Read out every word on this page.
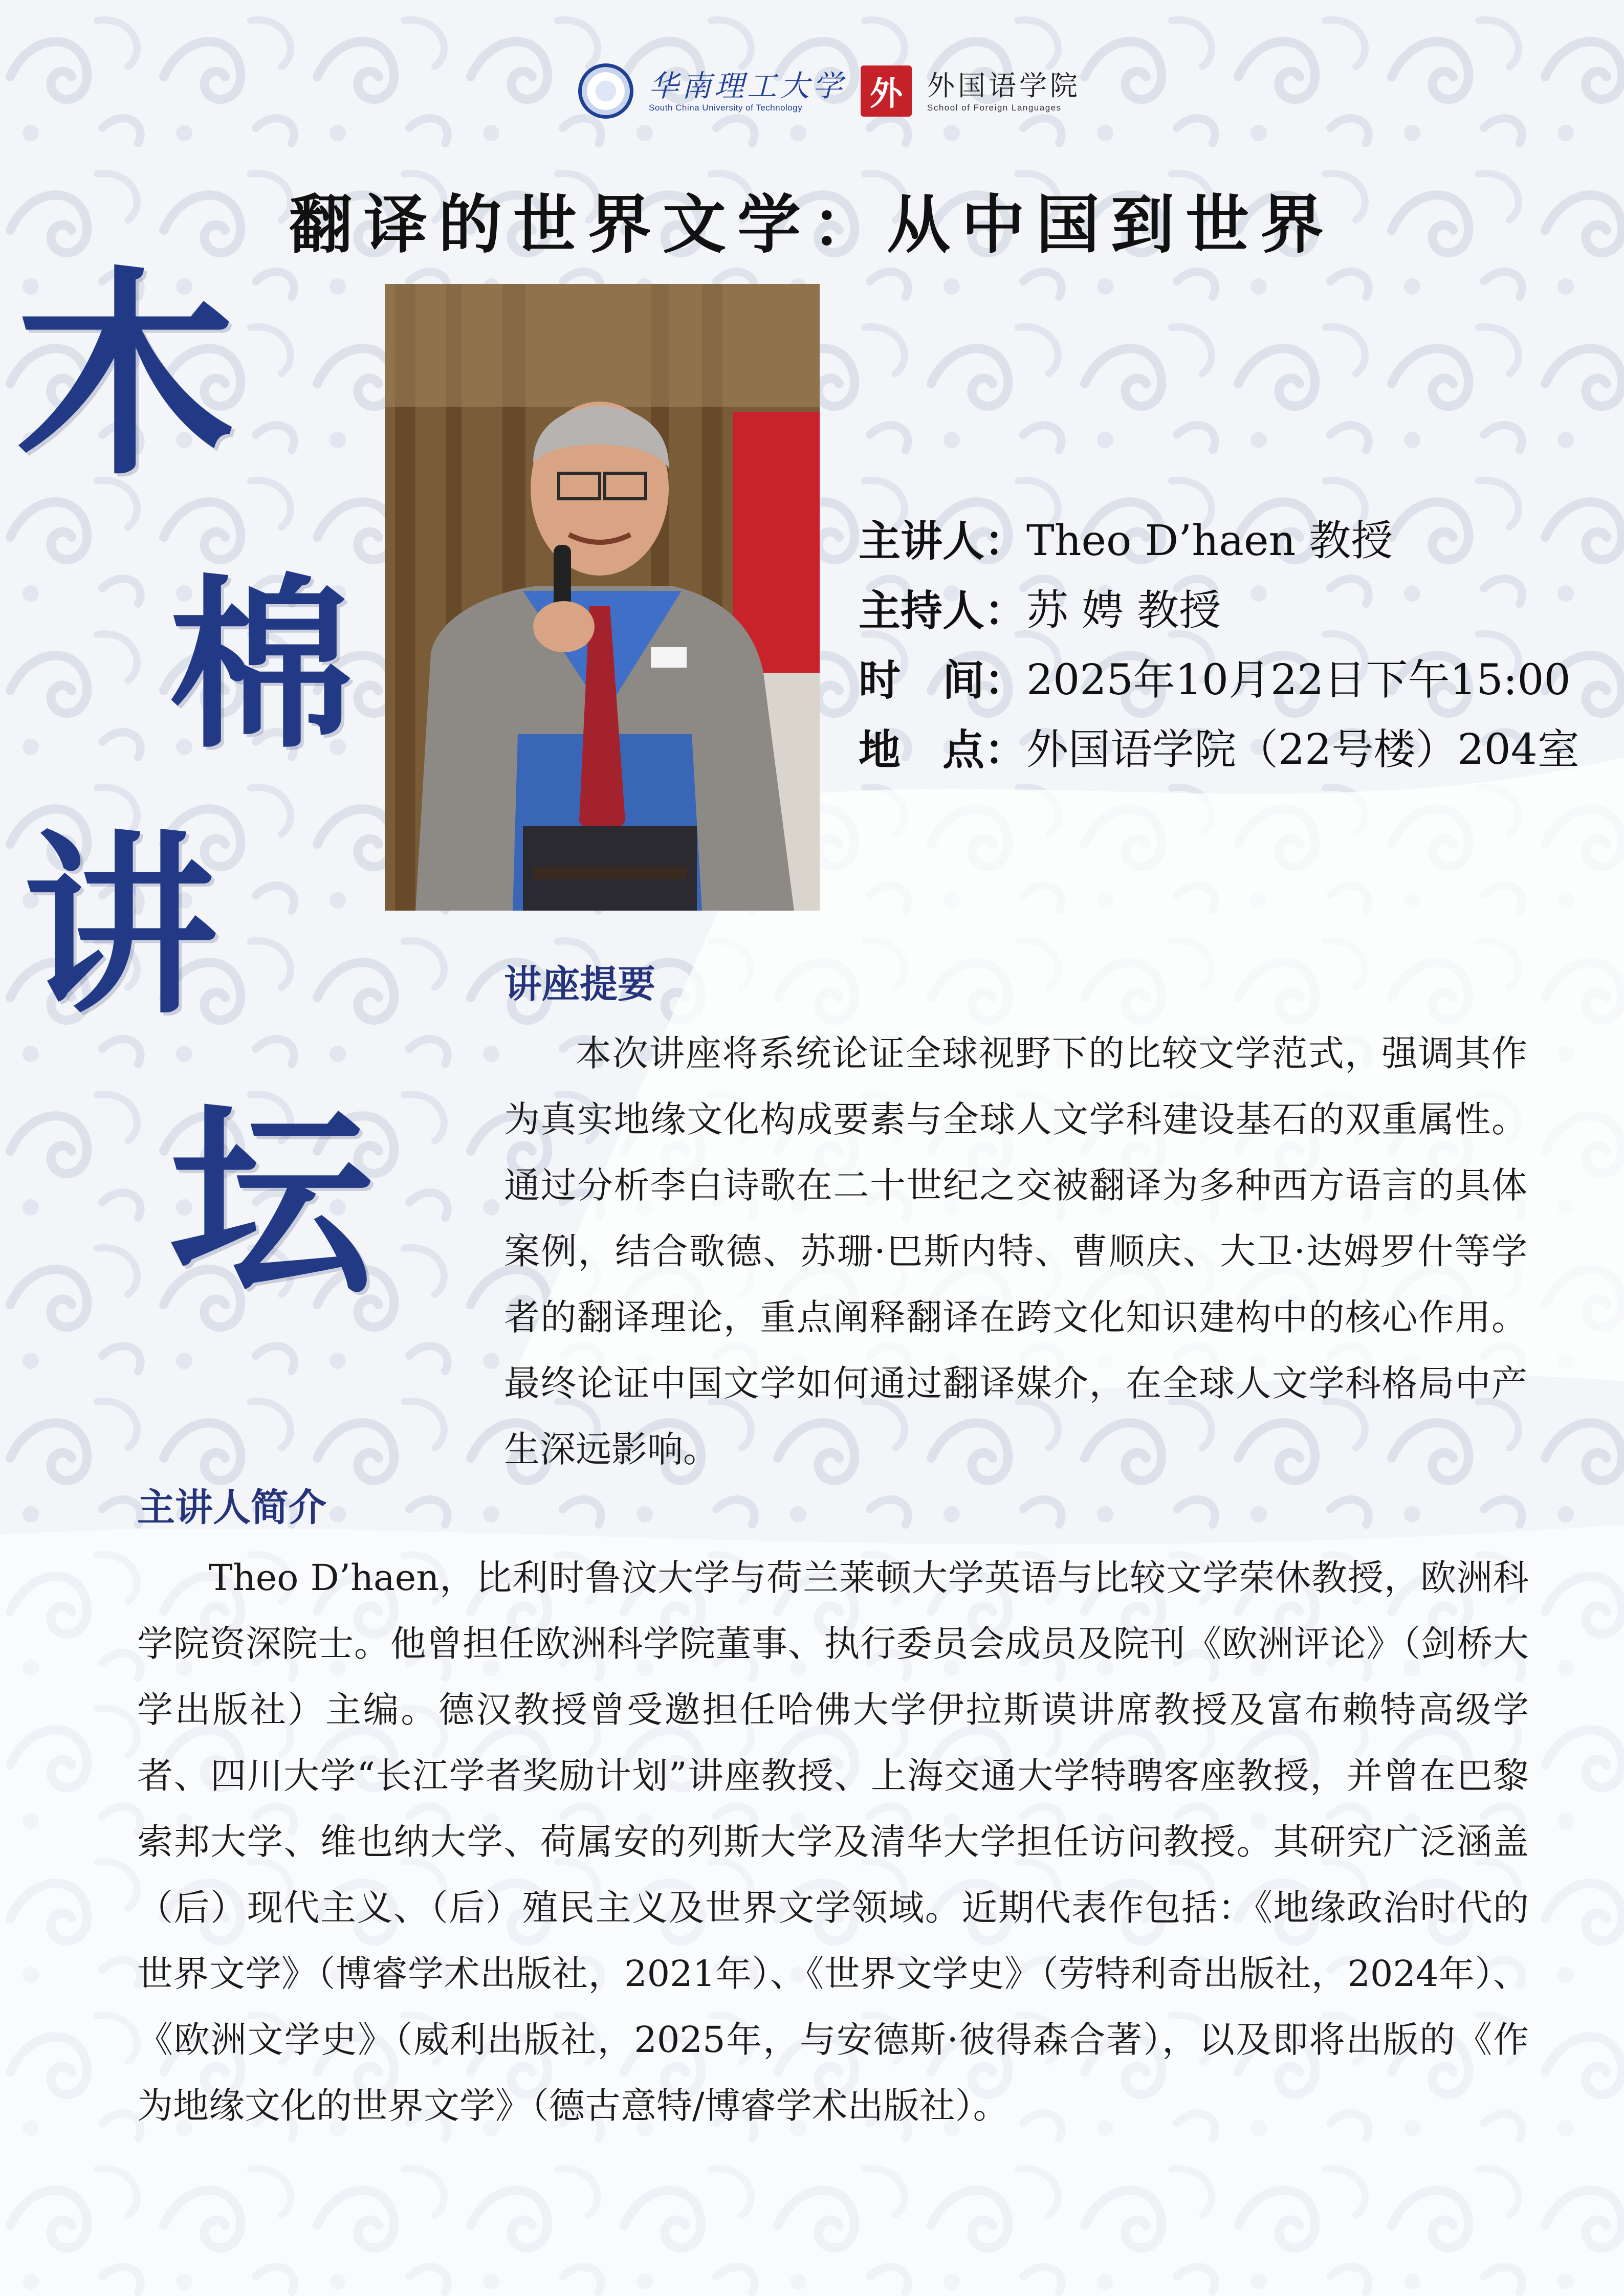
华南理工大学
South China University of Technology	外 外国语学院
School of Foreign Languages
翻译的世界文学：从中国到世界
木
棉
讲
坛
主讲人： Theo D’haen 教授
主持人： 苏 娉 教授
时　间： 2025年10月22日下午15:00
地　点： 外国语学院（22号楼）204室
讲座提要
本次讲座将系统论证全球视野下的比较文学范式，强调其作为真实地缘文化构成要素与全球人文学科建设基石的双重属性。通过分析李白诗歌在二十世纪之交被翻译为多种西方语言的具体案例，结合歌德、苏珊·巴斯内特、曹顺庆、大卫·达姆罗什等学者的翻译理论，重点阐释翻译在跨文化知识建构中的核心作用。最终论证中国文学如何通过翻译媒介，在全球人文学科格局中产生深远影响。
主讲人简介
Theo D’haen，比利时鲁汶大学与荷兰莱顿大学英语与比较文学荣休教授，欧洲科学院资深院士。他曾担任欧洲科学院董事、执行委员会成员及院刊《欧洲评论》（剑桥大学出版社）主编。德汉教授曾受邀担任哈佛大学伊拉斯谟讲席教授及富布赖特高级学者、四川大学“长江学者奖励计划”讲座教授、上海交通大学特聘客座教授，并曾在巴黎索邦大学、维也纳大学、荷属安的列斯大学及清华大学担任访问教授。其研究广泛涵盖（后）现代主义、（后）殖民主义及世界文学领域。近期代表作包括：《地缘政治时代的世界文学》（博睿学术出版社，2021年）、《世界文学史》（劳特利奇出版社，2024年）、《欧洲文学史》（威利出版社，2025年，与安德斯·彼得森合著），以及即将出版的《作为地缘文化的世界文学》（德古意特/博睿学术出版社）。
